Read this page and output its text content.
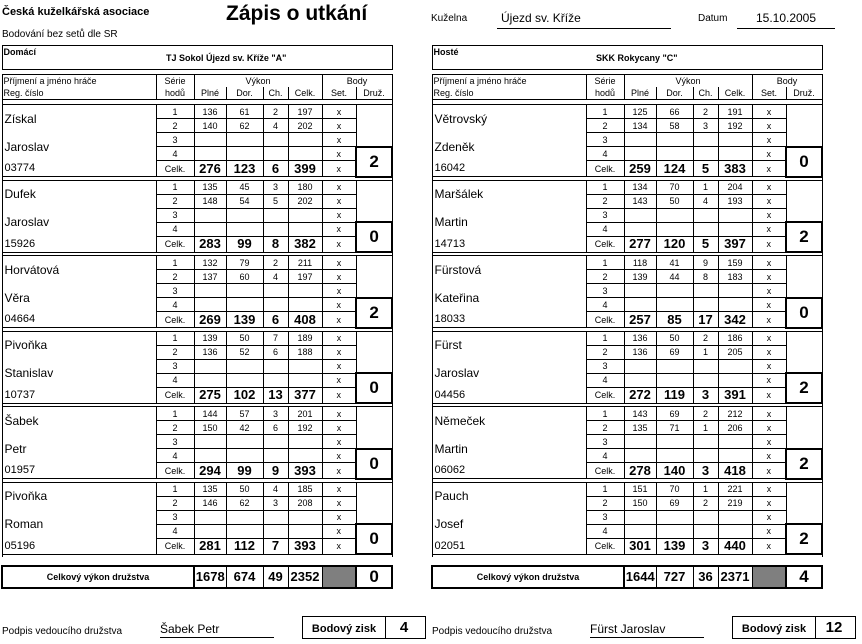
Česká kuželkářská asociace
Bodování bez setů dle SR
Zápis o utkání	Kuželna	Újezd sv. Kříže	Datum	15.10.2005
Domácí	TJ Sokol Újezd sv. Kříže "A"						

Příjmení a jméno hráče	Série	Výkon				Body	
Reg. číslo	hodů	Plné	Dor.	Ch.	Celk.	Set.	Druž.

Získal	1	136	61	2	197	x	
	2	140	62	4	202	x	
Jaroslav	3					x	
	4					x	2
03774	Celk.	276	123	6	399	x	

Dufek	1	135	45	3	180	x	
	2	148	54	5	202	x	
Jaroslav	3					x	
	4					x	0
15926	Celk.	283	99	8	382	x	

Horvátová	1	132	79	2	211	x	
	2	137	60	4	197	x	
Věra	3					x	
	4					x	2
04664	Celk.	269	139	6	408	x	

Pivoňka	1	139	50	7	189	x	
	2	136	52	6	188	x	
Stanislav	3					x	
	4					x	0
10737	Celk.	275	102	13	377	x	

Šabek	1	144	57	3	201	x	
	2	150	42	6	192	x	
Petr	3					x	
	4					x	0
01957	Celk.	294	99	9	393	x	

Pivoňka	1	135	50	4	185	x	
	2	146	62	3	208	x	
Roman	3					x	
	4					x	0
05196	Celk.	281	112	7	393	x	

Celkový výkon družstva		1678	674	49	2352		0
Podpis vedoucího družstva	Šabek Petr	Bodový zisk 4
Hosté	SKK Rokycany "C"						

Příjmení a jméno hráče	Série	Výkon				Body	
Reg. číslo	hodů	Plné	Dor.	Ch.	Celk.	Set.	Druž.

Větrovský	1	125	66	2	191	x	
	2	134	58	3	192	x	
Zdeněk	3					x	
	4					x	0
16042	Celk.	259	124	5	383	x	

Maršálek	1	134	70	1	204	x	
	2	143	50	4	193	x	
Martin	3					x	
	4					x	2
14713	Celk.	277	120	5	397	x	

Fürstová	1	118	41	9	159	x	
	2	139	44	8	183	x	
Kateřina	3					x	
	4					x	0
18033	Celk.	257	85	17	342	x	

Fürst	1	136	50	2	186	x	
	2	136	69	1	205	x	
Jaroslav	3					x	
	4					x	2
04456	Celk.	272	119	3	391	x	

Němeček	1	143	69	2	212	x	
	2	135	71	1	206	x	
Martin	3					x	
	4					x	2
06062	Celk.	278	140	3	418	x	

Pauch	1	151	70	1	221	x	
	2	150	69	2	219	x	
Josef	3					x	
	4					x	2
02051	Celk.	301	139	3	440	x	

Celkový výkon družstva		1644	727	36	2371		4
Podpis vedoucího družstva	Fürst Jaroslav	Bodový zisk 12
